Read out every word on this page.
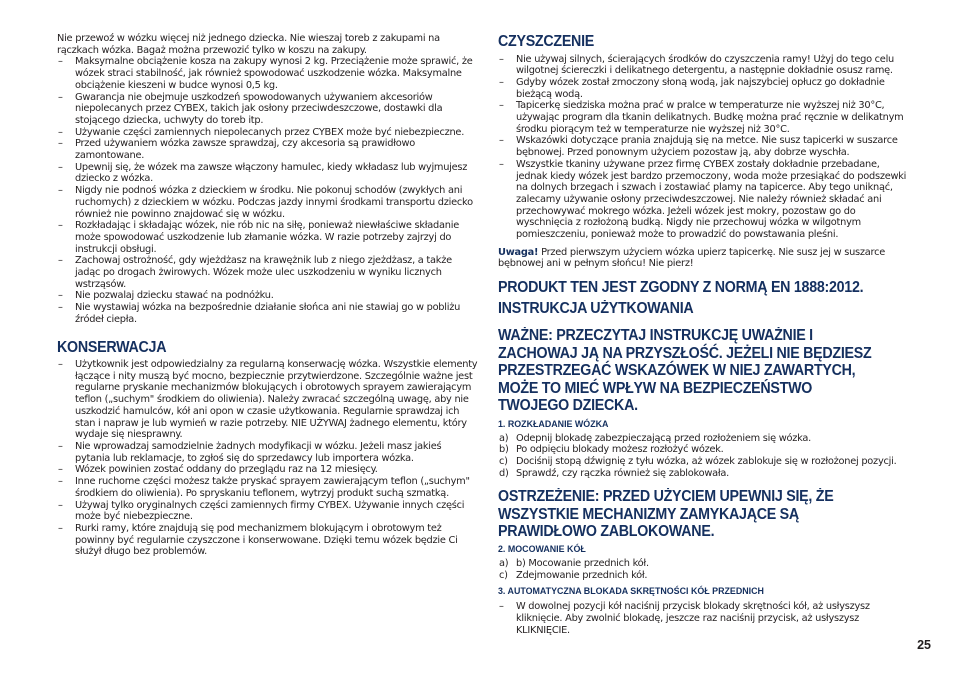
Nie przewoź w wózku więcej niż jednego dziecka. Nie wieszaj toreb z zakupami na rączkach wózka. Bagaż można przewozić tylko w koszu na zakupy.

– Maksymalne obciążenie kosza na zakupy wynosi 2 kg. Przeciążenie może sprawić, że wózek straci stabilność, jak również spowodować uszkodzenie wózka. Maksymalne obciążenie kieszeni w budce wynosi 0,5 kg.
– Gwarancja nie obejmuje uszkodzeń spowodowanych używaniem akcesoriów niepolecanych przez CYBEX, takich jak osłony przeciwdeszczowe, dostawki dla stojącego dziecka, uchwyty do toreb itp.
– Używanie części zamiennych niepolecanych przez CYBEX może być niebezpieczne.
– Przed używaniem wózka zawsze sprawdzaj, czy akcesoria są prawidłowo zamontowane.
– Upewnij się, że wózek ma zawsze włączony hamulec, kiedy wkładasz lub wyjmujesz dziecko z wózka.
– Nigdy nie podnoś wózka z dzieckiem w środku. Nie pokonuj schodów (zwykłych ani ruchomych) z dzieckiem w wózku. Podczas jazdy innymi środkami transportu dziecko również nie powinno znajdować się w wózku.
– Rozkładając i składając wózek, nie rób nic na siłę, ponieważ niewłaściwe składanie może spowodować uszkodzenie lub złamanie wózka. W razie potrzeby zajrzyj do instrukcji obsługi.
– Zachowaj ostrożność, gdy wjeżdżasz na krawężnik lub z niego zjeżdżasz, a także jadąc po drogach żwirowych. Wózek może ulec uszkodzeniu w wyniku licznych wstrząsów.
– Nie pozwalaj dziecku stawać na podnóżku.
– Nie wystawiaj wózka na bezpośrednie działanie słońca ani nie stawiaj go w pobliżu źródeł ciepła.
KONSERWACJA
– Użytkownik jest odpowiedzialny za regularną konserwację wózka. Wszystkie elementy łączące i nity muszą być mocno, bezpiecznie przytwierdzone. Szczególnie ważne jest regularne pryskanie mechanizmów blokujących i obrotowych sprayem zawierającym teflon („suchym" środkiem do oliwienia). Należy zwracać szczególną uwagę, aby nie uszkodzić hamulców, kół ani opon w czasie użytkowania. Regularnie sprawdzaj ich stan i napraw je lub wymień w razie potrzeby. NIE UŻYWAJ żadnego elementu, który wydaje się niesprawny.
– Nie wprowadzaj samodzielnie żadnych modyfikacji w wózku. Jeżeli masz jakieś pytania lub reklamacje, to zgłoś się do sprzedawcy lub importera wózka.
– Wózek powinien zostać oddany do przeglądu raz na 12 miesięcy.
– Inne ruchome części możesz także pryskać sprayem zawierającym teflon („suchym" środkiem do oliwienia). Po spryskaniu teflonem, wytrzyj produkt suchą szmatką.
– Używaj tylko oryginalnych części zamiennych firmy CYBEX. Używanie innych części może być niebezpieczne.
– Rurki ramy, które znajdują się pod mechanizmem blokującym i obrotowym też powinny być regularnie czyszczone i konserwowane. Dzięki temu wózek będzie Ci służył długo bez problemów.
CZYSZCZENIE
– Nie używaj silnych, ścierających środków do czyszczenia ramy! Użyj do tego celu wilgotnej ściereczki i delikatnego detergentu, a następnie dokładnie osusz ramę.
– Gdyby wózek został zmoczony słoną wodą, jak najszybciej opłucz go dokładnie bieżącą wodą.
– Tapicerkę siedziska można prać w pralce w temperaturze nie wyższej niż 30°C, używając program dla tkanin delikatnych. Budkę można prać ręcznie w delikatnym środku piorącym też w temperaturze nie wyższej niż 30°C.
– Wskazówki dotyczące prania znajdują się na metce. Nie susz tapicerki w suszarce bębnowej. Przed ponownym użyciem pozostaw ją, aby dobrze wyschła.
– Wszystkie tkaniny używane przez firmę CYBEX zostały dokładnie przebadane, jednak kiedy wózek jest bardzo przemoczony, woda może przesiąkać do podszewki na dolnych brzegach i szwach i zostawiać plamy na tapicerce. Aby tego uniknąć, zalecamy używanie osłony przeciwdeszczowej. Nie należy również składać ani przechowywać mokrego wózka. Jeżeli wózek jest mokry, pozostaw go do wyschnięcia z rozłożoną budką. Nigdy nie przechowuj wózka w wilgotnym pomieszczeniu, ponieważ może to prowadzić do powstawania pleśni.

Uwaga! Przed pierwszym użyciem wózka upierz tapicerkę. Nie susz jej w suszarce bębnowej ani w pełnym słońcu! Nie pierz!

PRODUKT TEN JEST ZGODNY Z NORMĄ EN 1888:2012.
INSTRUKCJA UŻYTKOWANIA
WAŻNE: PRZECZYTAJ INSTRUKCJĘ UWAŻNIE I ZACHOWAJ JĄ NA PRZYSZŁOŚĆ. JEŻELI NIE BĘDZIESZ PRZESTRZEGAĆ WSKAZÓWEK W NIEJ ZAWARTYCH, MOŻE TO MIEĆ WPŁYW NA BEZPIECZEŃSTWO TWOJEGO DZIECKA.
1. ROZKŁADANIE WÓZKA
a) Odepnij blokadę zabezpieczającą przed rozłożeniem się wózka.
b) Po odpięciu blokady możesz rozłożyć wózek.
c) Dociśnij stopą dźwignię z tyłu wózka, aż wózek zablokuje się w rozłożonej pozycji.
d) Sprawdź, czy rączka również się zablokowała.
OSTRZEŻENIE: PRZED UŻYCIEM UPEWNIJ SIĘ, ŻE WSZYSTKIE MECHANIZMY ZAMYKAJĄCE SĄ PRAWIDŁOWO ZABLOKOWANE.
2. MOCOWANIE KÓŁ
a) b) Mocowanie przednich kół.
c) Zdejmowanie przednich kół.
3. AUTOMATYCZNA BLOKADA SKRĘTNOŚCI KÓŁ PRZEDNICH
– W dowolnej pozycji kół naciśnij przycisk blokady skrętności kół, aż usłyszysz kliknięcie. Aby zwolnić blokadę, jeszcze raz naciśnij przycisk, aż usłyszysz KLIKNIĘCIE.
25
